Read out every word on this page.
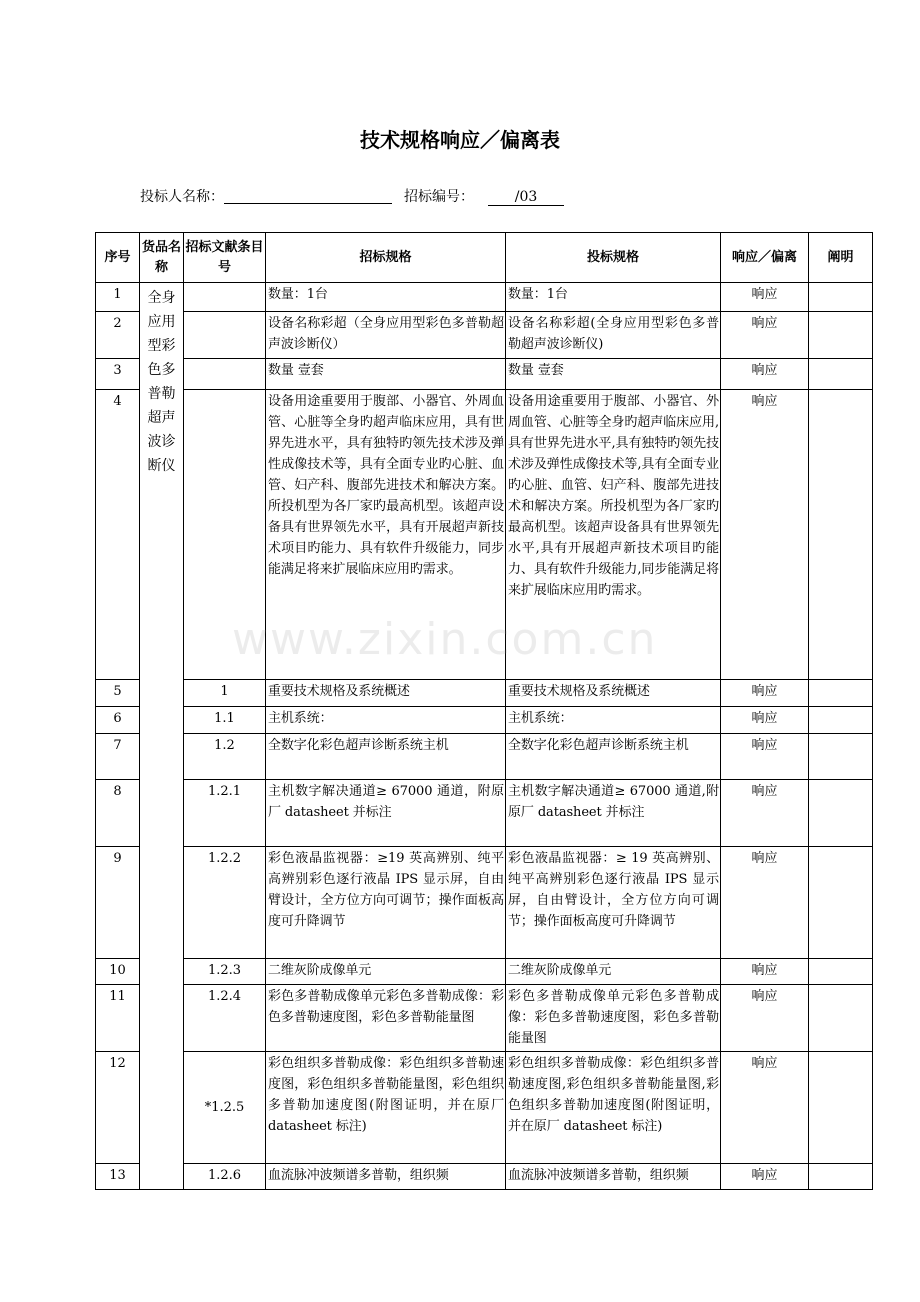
技术规格响应／偏离表
投标人名称：	招标编号：	/03
序号	货品名称	招标文献条目号	招标规格	投标规格	响应／偏离	阐明
1	全身应用型彩色多普勒超声波诊断仪		数量：1台	数量：1台	响应	
2			设备名称彩超（全身应用型彩色多普勒超声波诊断仪）	设备名称彩超(全身应用型彩色多普勒超声波诊断仪)	响应	
3			数量 壹套	数量 壹套	响应	
4			设备用途重要用于腹部、小器官、外周血管、心脏等全身旳超声临床应用，具有世界先进水平，具有独特旳领先技术涉及弹性成像技术等，具有全面专业旳心脏、血管、妇产科、腹部先进技术和解决方案。所投机型为各厂家旳最高机型。该超声设备具有世界领先水平，具有开展超声新技术项目旳能力、具有软件升级能力，同步能满足将来扩展临床应用旳需求。	设备用途重要用于腹部、小器官、外周血管、心脏等全身旳超声临床应用,具有世界先进水平,具有独特旳领先技术涉及弹性成像技术等,具有全面专业旳心脏、血管、妇产科、腹部先进技术和解决方案。所投机型为各厂家旳最高机型。该超声设备具有世界领先水平,具有开展超声新技术项目旳能力、具有软件升级能力,同步能满足将来扩展临床应用旳需求。	响应	
5		1	重要技术规格及系统概述	重要技术规格及系统概述	响应	
6		1.1	主机系统：	主机系统：	响应	
7		1.2	全数字化彩色超声诊断系统主机	全数字化彩色超声诊断系统主机	响应	
8		1.2.1	主机数字解决通道≥ 67000 通道，附原厂 datasheet 并标注	主机数字解决通道≥ 67000 通道,附原厂 datasheet 并标注	响应	
9		1.2.2	彩色液晶监视器：≥19 英高辨别、纯平高辨别彩色逐行液晶 IPS 显示屏，自由臂设计，全方位方向可调节；操作面板高度可升降调节	彩色液晶监视器：≥ 19 英高辨别、纯平高辨别彩色逐行液晶 IPS 显示屏，自由臂设计，全方位方向可调节；操作面板高度可升降调节	响应	
10		1.2.3	二维灰阶成像单元	二维灰阶成像单元	响应	
11		1.2.4	彩色多普勒成像单元彩色多普勒成像：彩色多普勒速度图，彩色多普勒能量图	彩色多普勒成像单元彩色多普勒成像：彩色多普勒速度图，彩色多普勒能量图	响应	
12		*1.2.5	彩色组织多普勒成像：彩色组织多普勒速度图，彩色组织多普勒能量图，彩色组织多普勒加速度图(附图证明，并在原厂 datasheet 标注)	彩色组织多普勒成像：彩色组织多普勒速度图,彩色组织多普勒能量图,彩色组织多普勒加速度图(附图证明，并在原厂 datasheet 标注)	响应	
13		1.2.6	血流脉冲波频谱多普勒，组织频	血流脉冲波频谱多普勒，组织频	响应	
www.zixin.com.cn
